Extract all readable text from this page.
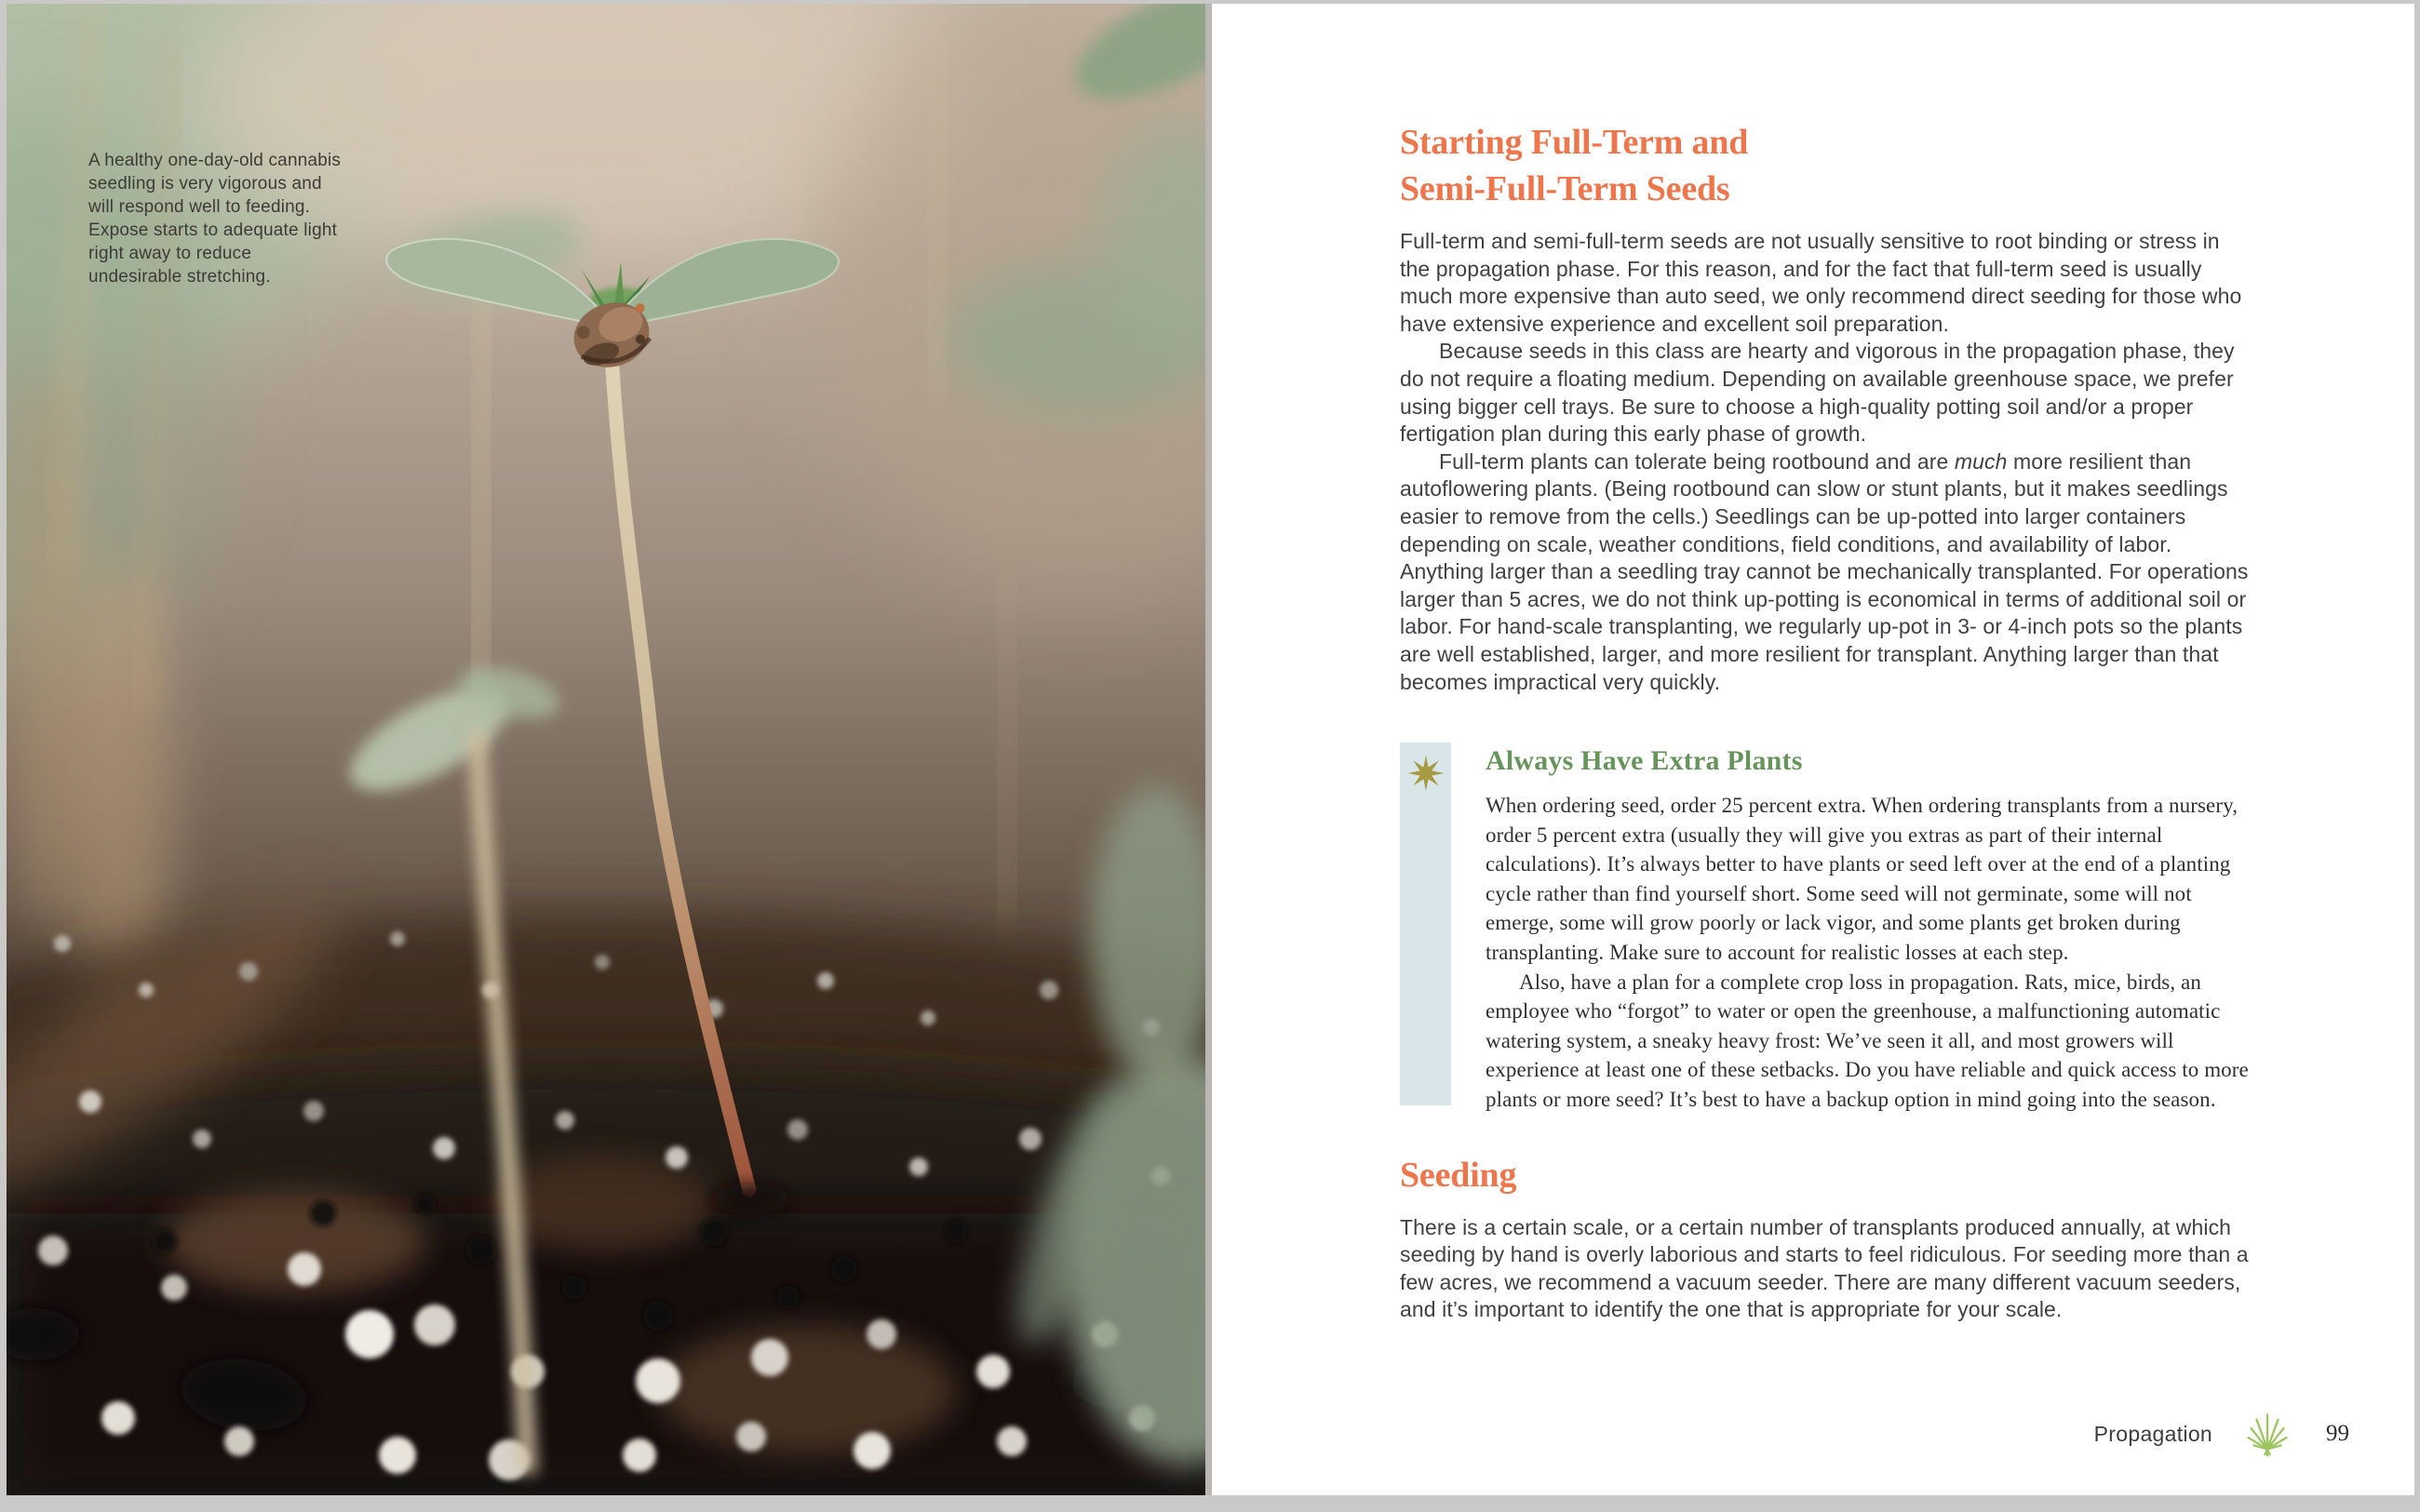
A healthy one-day-old cannabis seedling is very vigorous and will respond well to feeding. Expose starts to adequate light right away to reduce undesirable stretching.
Starting Full-Term and
Semi-Full-Term Seeds

Full-term and semi-full-term seeds are not usually sensitive to root binding or stress in the propagation phase. For this reason, and for the fact that full-term seed is usually much more expensive than auto seed, we only recommend direct seeding for those who have extensive experience and excellent soil preparation.

Because seeds in this class are hearty and vigorous in the propagation phase, they do not require a floating medium. Depending on available greenhouse space, we prefer using bigger cell trays. Be sure to choose a high-quality potting soil and/or a proper fertigation plan during this early phase of growth.

Full-term plants can tolerate being rootbound and are much more resilient than autoflowering plants. (Being rootbound can slow or stunt plants, but it makes seedlings easier to remove from the cells.) Seedlings can be up-potted into larger containers depending on scale, weather conditions, field conditions, and availability of labor. Anything larger than a seedling tray cannot be mechanically transplanted. For operations larger than 5 acres, we do not think up-potting is economical in terms of additional soil or labor. For hand-scale transplanting, we regularly up-pot in 3- or 4-inch pots so the plants are well established, larger, and more resilient for transplant. Anything larger than that becomes impractical very quickly.

Always Have Extra Plants

When ordering seed, order 25 percent extra. When ordering transplants from a nursery, order 5 percent extra (usually they will give you extras as part of their internal calculations). It’s always better to have plants or seed left over at the end of a planting cycle rather than find yourself short. Some seed will not germinate, some will not emerge, some will grow poorly or lack vigor, and some plants get broken during transplanting. Make sure to account for realistic losses at each step.

Also, have a plan for a complete crop loss in propagation. Rats, mice, birds, an employee who “forgot” to water or open the greenhouse, a malfunctioning automatic watering system, a sneaky heavy frost: We’ve seen it all, and most growers will experience at least one of these setbacks. Do you have reliable and quick access to more plants or more seed? It’s best to have a backup option in mind going into the season.

Seeding

There is a certain scale, or a certain number of transplants produced annually, at which seeding by hand is overly laborious and starts to feel ridiculous. For seeding more than a few acres, we recommend a vacuum seeder. There are many different vacuum seeders, and it’s important to identify the one that is appropriate for your scale.

Propagation	99
